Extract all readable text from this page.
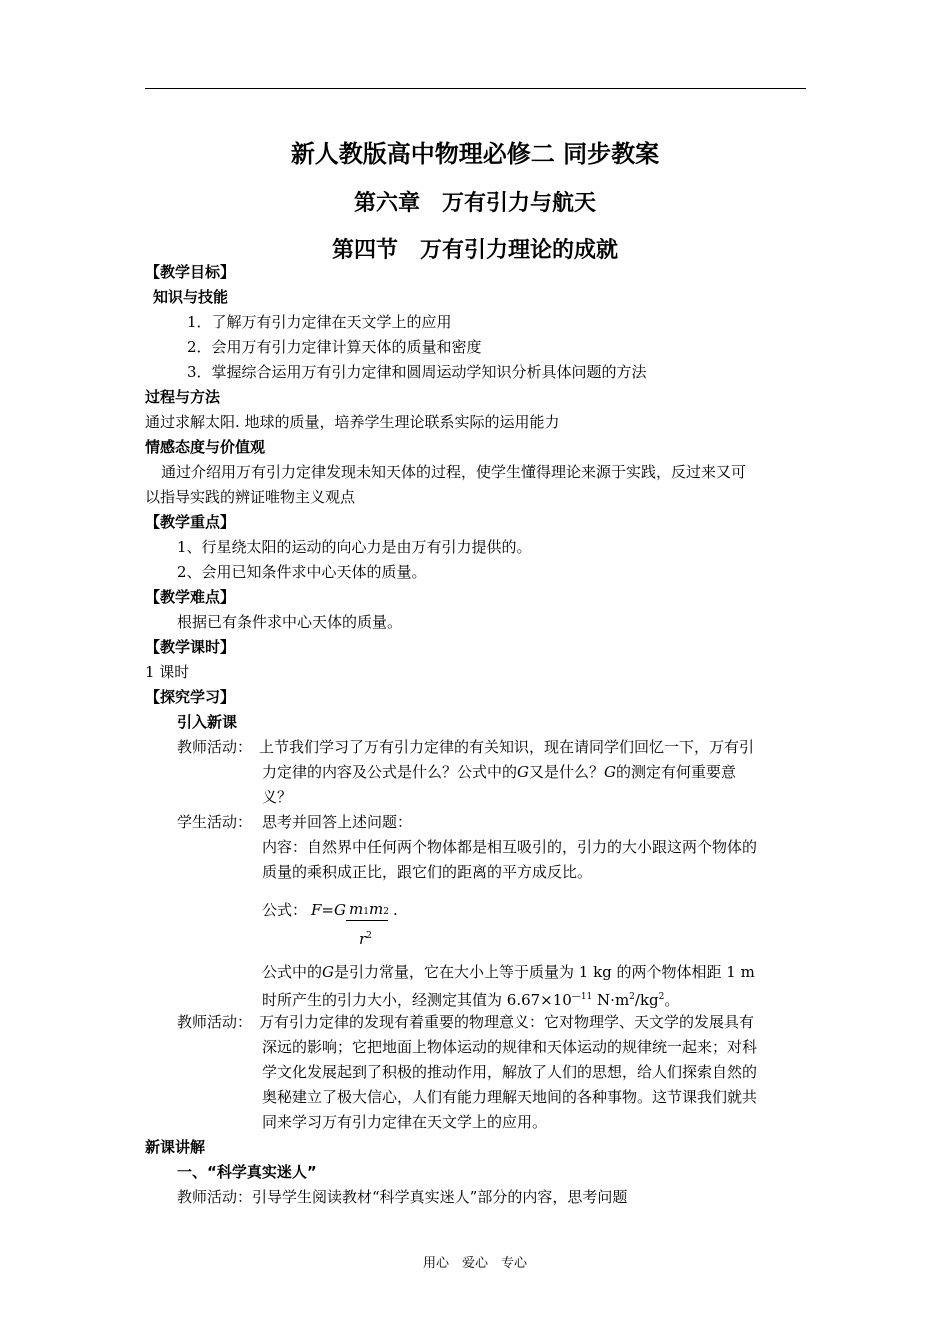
新人教版高中物理必修二 同步教案
第六章　万有引力与航天
第四节　万有引力理论的成就
【教学目标】
知识与技能
1．了解万有引力定律在天文学上的应用
2．会用万有引力定律计算天体的质量和密度
3．掌握综合运用万有引力定律和圆周运动学知识分析具体问题的方法
过程与方法
通过求解太阳. 地球的质量，培养学生理论联系实际的运用能力
情感态度与价值观
通过介绍用万有引力定律发现未知天体的过程，使学生懂得理论来源于实践，反过来又可
以指导实践的辨证唯物主义观点
【教学重点】
1、行星绕太阳的运动的向心力是由万有引力提供的。
2、会用已知条件求中心天体的质量。
【教学难点】
根据已有条件求中心天体的质量。
【教学课时】
1 课时
【探究学习】
引入新课
教师活动： 上节我们学习了万有引力定律的有关知识，现在请同学们回忆一下，万有引
力定律的内容及公式是什么？公式中的G又是什么？G的测定有何重要意
义？
学生活动： 思考并回答上述问题：
内容：自然界中任何两个物体都是相互吸引的，引力的大小跟这两个物体的
质量的乘积成正比，跟它们的距离的平方成反比。
公式： F=G m1m2
$r^2$
.
公式中的G是引力常量，它在大小上等于质量为 1 kg 的两个物体相距 1 m
时所产生的引力大小，经测定其值为 $6.67\times 10^{—11}$ $N\cdot m^2/kg^2$。
教师活动： 万有引力定律的发现有着重要的物理意义：它对物理学、天文学的发展具有
深远的影响；它把地面上物体运动的规律和天体运动的规律统一起来；对科
学文化发展起到了积极的推动作用，解放了人们的思想，给人们探索自然的
奥秘建立了极大信心，人们有能力理解天地间的各种事物。这节课我们就共
同来学习万有引力定律在天文学上的应用。
新课讲解
一、“科学真实迷人”
教师活动：引导学生阅读教材“科学真实迷人”部分的内容，思考问题
用心　爱心　专心
